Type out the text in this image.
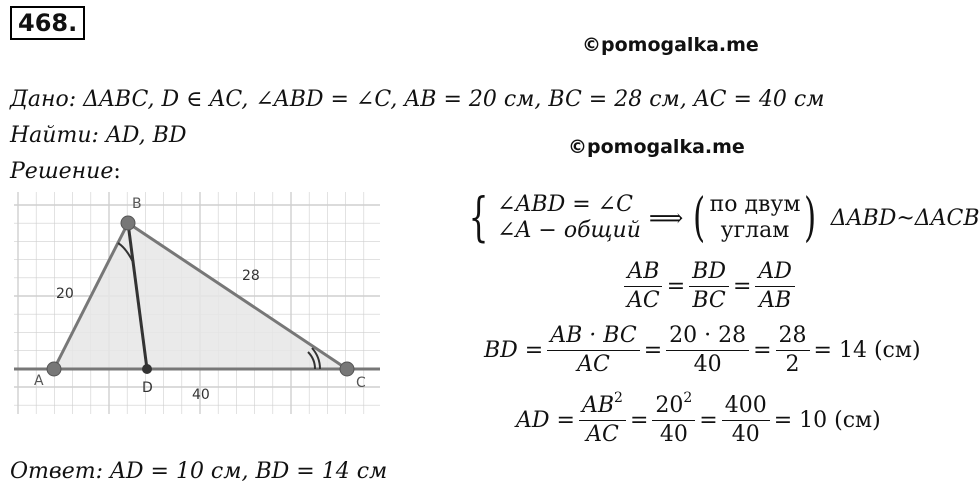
468.
©pomogalka.me
©pomogalka.me
Дано: ΔABC, D ∈ AC, ∠ABD = ∠C, AB = 20 см, BC = 28 см, AC = 40 см
Найти: AD, BD
Решение:
A
B
C
D
20
28
40
{ ∠ABD = ∠C
∠A − общий ⟹ ( по двум
углам ) ΔABD~ΔACB
$\frac{AB}{AC} = \frac{BD}{BC} = \frac{AD}{AB}$
BD = $\frac{AB \cdot BC}{AC} = \frac{20 \cdot 28}{40} = \frac{28}{2} = 14$ (см)
AD = $\frac{AB^2}{AC} = \frac{20^2}{40} = \frac{400}{40} = 10$ (см)
Ответ: AD = 10 см, BD = 14 см
